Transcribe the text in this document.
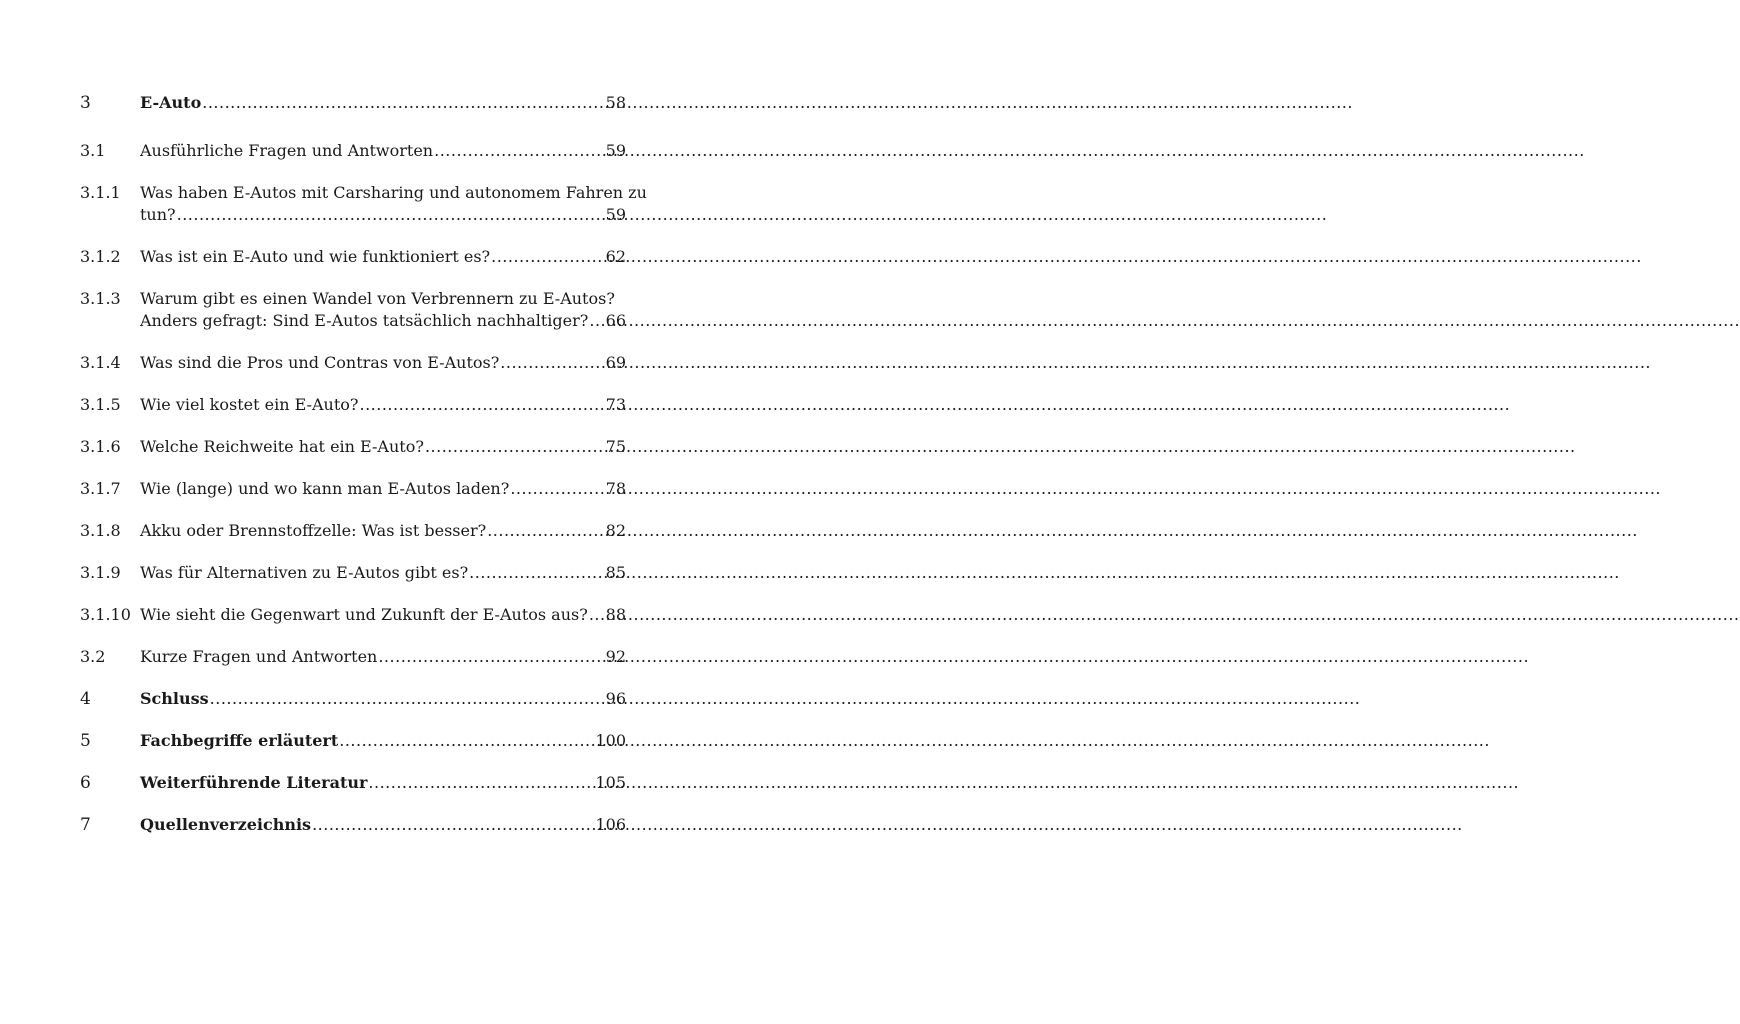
3	E-Auto .....	58
3.1	Ausführliche Fragen und Antworten .....	59
3.1.1	Was haben E-Autos mit Carsharing und autonomem Fahren zu
tun? .....	59
3.1.2	Was ist ein E-Auto und wie funktioniert es? .....	62
3.1.3	Warum gibt es einen Wandel von Verbrennern zu E-Autos?
Anders gefragt: Sind E-Autos tatsächlich nachhaltiger? ..... 66
3.1.4	Was sind die Pros und Contras von E-Autos? .....	69
3.1.5	Wie viel kostet ein E-Auto? .....	73
3.1.6	Welche Reichweite hat ein E-Auto? .....	75
3.1.7	Wie (lange) und wo kann man E-Autos laden? .....	78
3.1.8	Akku oder Brennstoffzelle: Was ist besser? .....	82
3.1.9	Was für Alternativen zu E-Autos gibt es? .....	85
3.1.10 Wie sieht die Gegenwart und Zukunft der E-Autos aus? ..... 88
3.2	Kurze Fragen und Antworten .....	92
4	Schluss .....	96
5	Fachbegriffe erläutert .....	100
6	Weiterführende Literatur .....	105
7	Quellenverzeichnis .....	106
